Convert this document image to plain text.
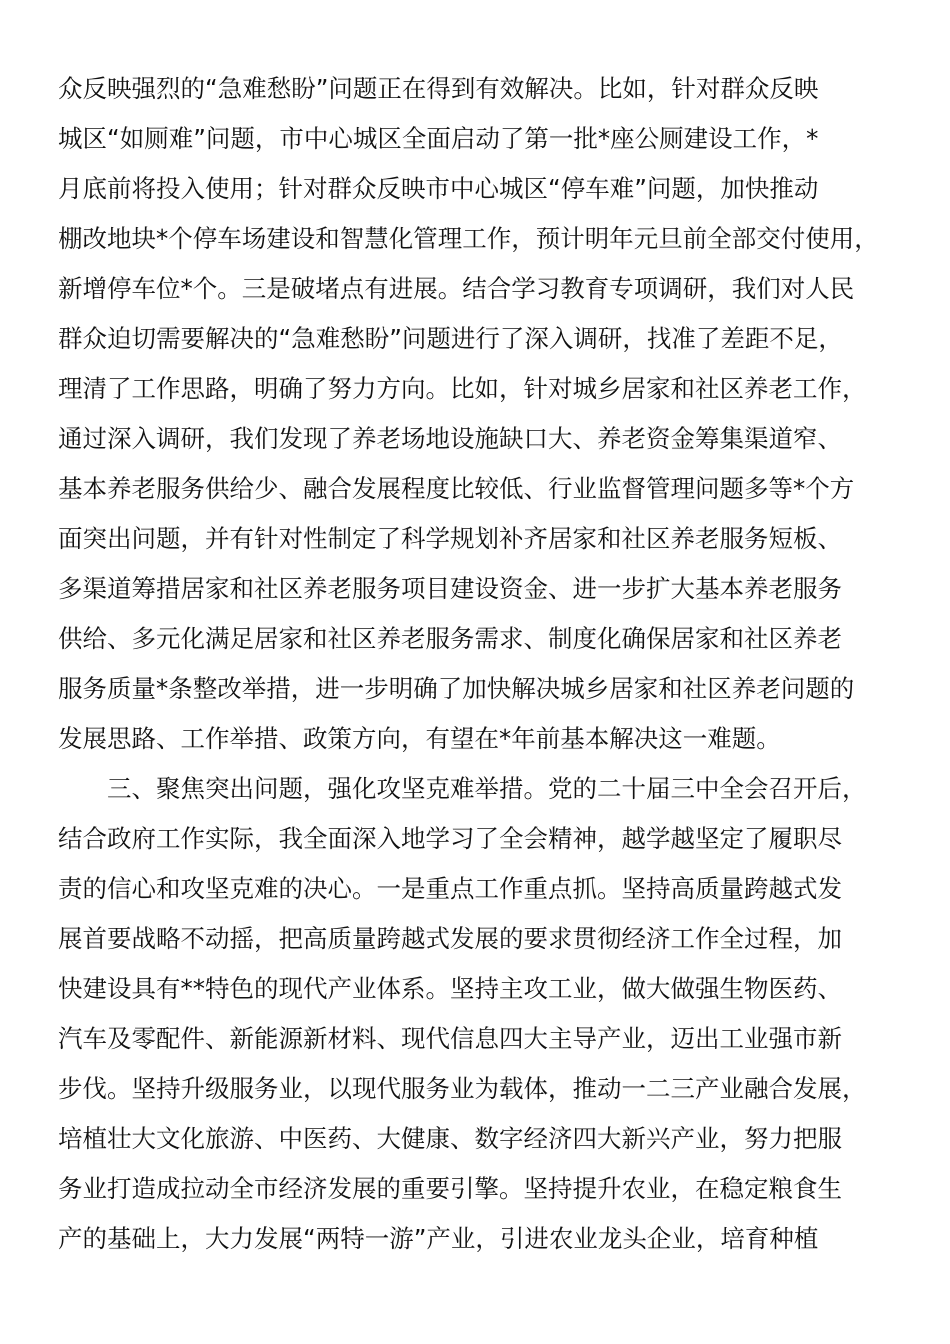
众反映强烈的“急难愁盼”问题正在得到有效解决。比如，针对群众反映
城区“如厕难”问题，市中心城区全面启动了第一批*座公厕建设工作，*
月底前将投入使用；针对群众反映市中心城区“停车难”问题，加快推动
棚改地块*个停车场建设和智慧化管理工作，预计明年元旦前全部交付使用，
新增停车位*个。三是破堵点有进展。结合学习教育专项调研，我们对人民
群众迫切需要解决的“急难愁盼”问题进行了深入调研，找准了差距不足，
理清了工作思路，明确了努力方向。比如，针对城乡居家和社区养老工作，
通过深入调研，我们发现了养老场地设施缺口大、养老资金筹集渠道窄、
基本养老服务供给少、融合发展程度比较低、行业监督管理问题多等*个方
面突出问题，并有针对性制定了科学规划补齐居家和社区养老服务短板、
多渠道筹措居家和社区养老服务项目建设资金、进一步扩大基本养老服务
供给、多元化满足居家和社区养老服务需求、制度化确保居家和社区养老
服务质量*条整改举措，进一步明确了加快解决城乡居家和社区养老问题的
发展思路、工作举措、政策方向，有望在*年前基本解决这一难题。
三、聚焦突出问题，强化攻坚克难举措。党的二十届三中全会召开后，
结合政府工作实际，我全面深入地学习了全会精神，越学越坚定了履职尽
责的信心和攻坚克难的决心。一是重点工作重点抓。坚持高质量跨越式发
展首要战略不动摇，把高质量跨越式发展的要求贯彻经济工作全过程，加
快建设具有**特色的现代产业体系。坚持主攻工业，做大做强生物医药、
汽车及零配件、新能源新材料、现代信息四大主导产业，迈出工业强市新
步伐。坚持升级服务业，以现代服务业为载体，推动一二三产业融合发展，
培植壮大文化旅游、中医药、大健康、数字经济四大新兴产业，努力把服
务业打造成拉动全市经济发展的重要引擎。坚持提升农业，在稳定粮食生
产的基础上，大力发展“两特一游”产业，引进农业龙头企业，培育种植
